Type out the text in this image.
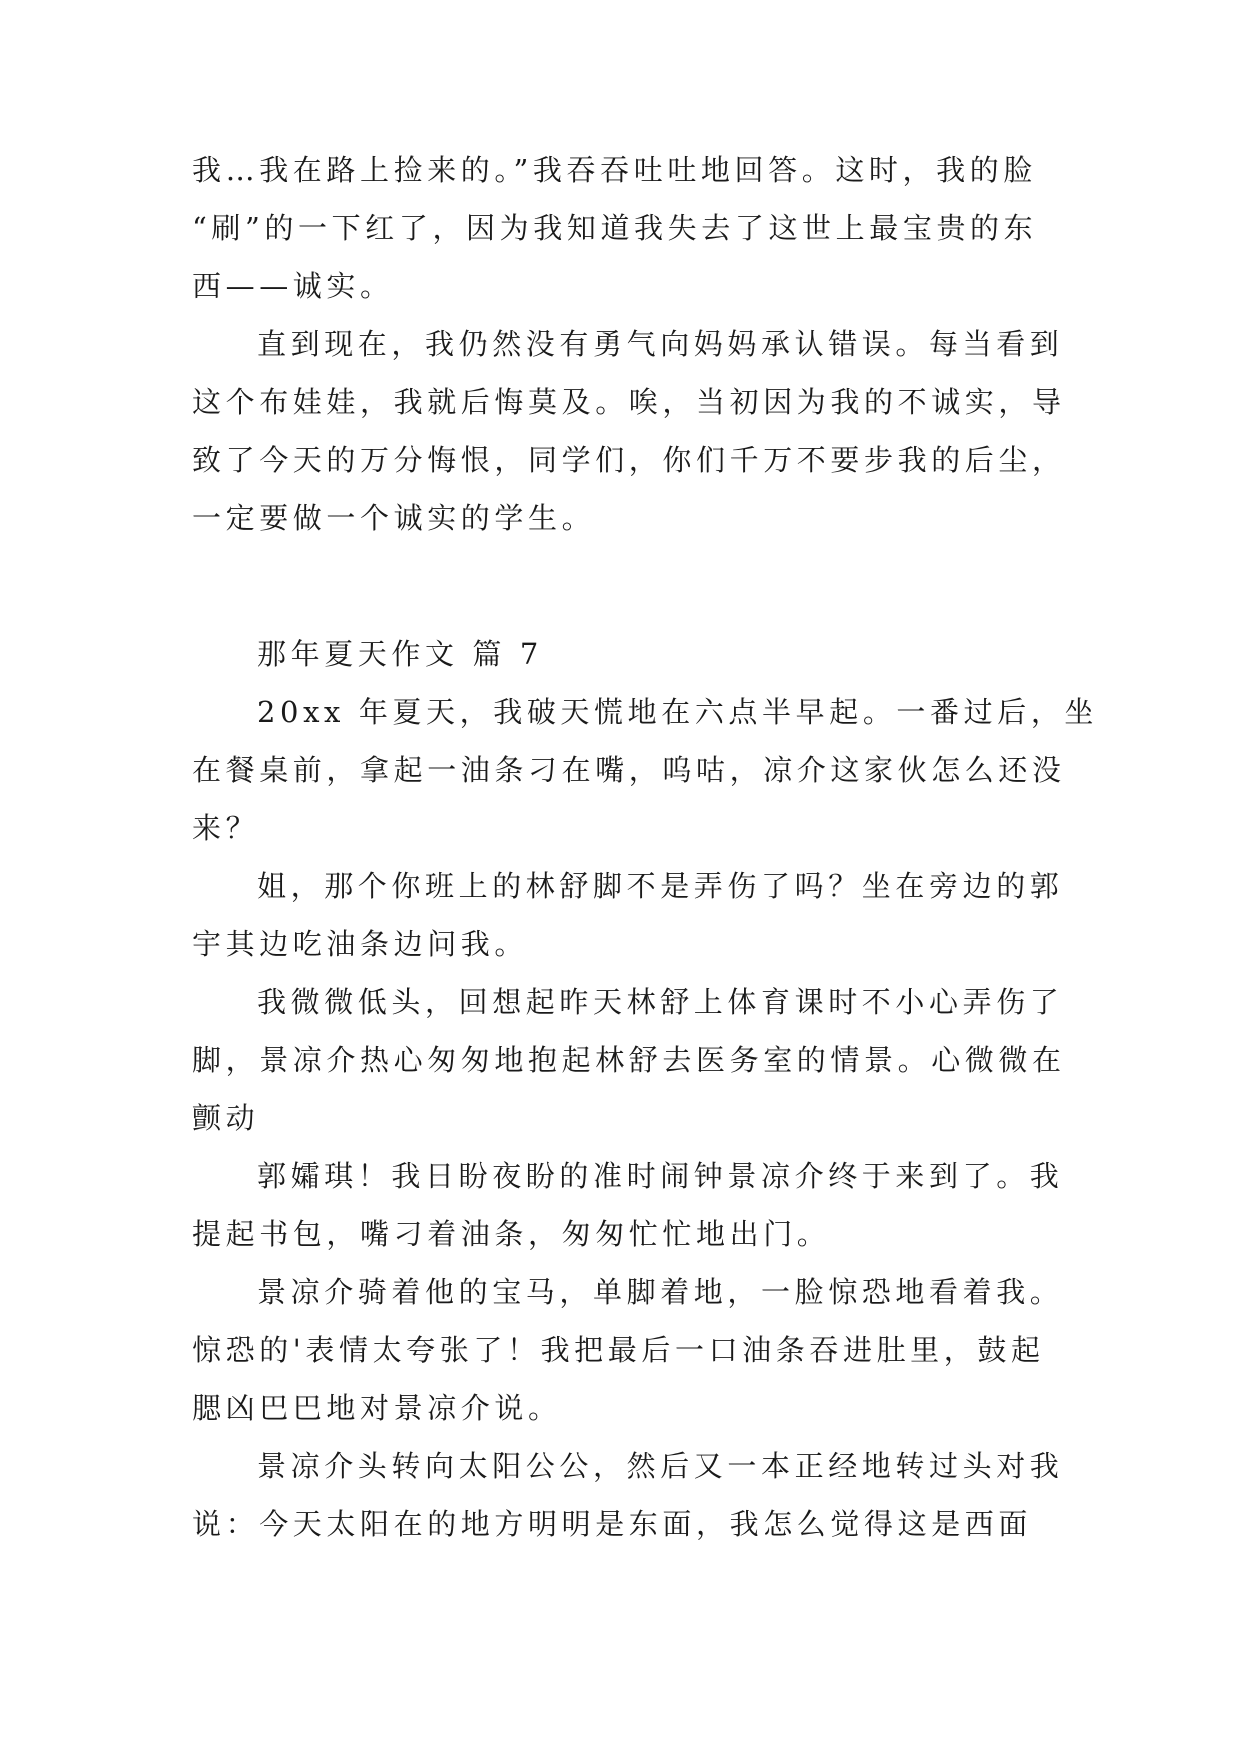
我…我在路上捡来的。”我吞吞吐吐地回答。这时，我的脸
“刷”的一下红了，因为我知道我失去了这世上最宝贵的东
西——诚实。
直到现在，我仍然没有勇气向妈妈承认错误。每当看到
这个布娃娃，我就后悔莫及。唉，当初因为我的不诚实，导
致了今天的万分悔恨，同学们，你们千万不要步我的后尘，
一定要做一个诚实的学生。
那年夏天作文 篇 7
20xx 年夏天，我破天慌地在六点半早起。一番过后，坐
在餐桌前，拿起一油条刁在嘴，呜咕，凉介这家伙怎么还没
来？
姐，那个你班上的林舒脚不是弄伤了吗？坐在旁边的郭
宇其边吃油条边问我。
我微微低头，回想起昨天林舒上体育课时不小心弄伤了
脚，景凉介热心匆匆地抱起林舒去医务室的情景。心微微在
颤动
郭孀琪！我日盼夜盼的准时闹钟景凉介终于来到了。我
提起书包，嘴刁着油条，匆匆忙忙地出门。
景凉介骑着他的宝马，单脚着地，一脸惊恐地看着我。
惊恐的'表情太夸张了！我把最后一口油条吞进肚里，鼓起
腮凶巴巴地对景凉介说。
景凉介头转向太阳公公，然后又一本正经地转过头对我
说：今天太阳在的地方明明是东面，我怎么觉得这是西面
